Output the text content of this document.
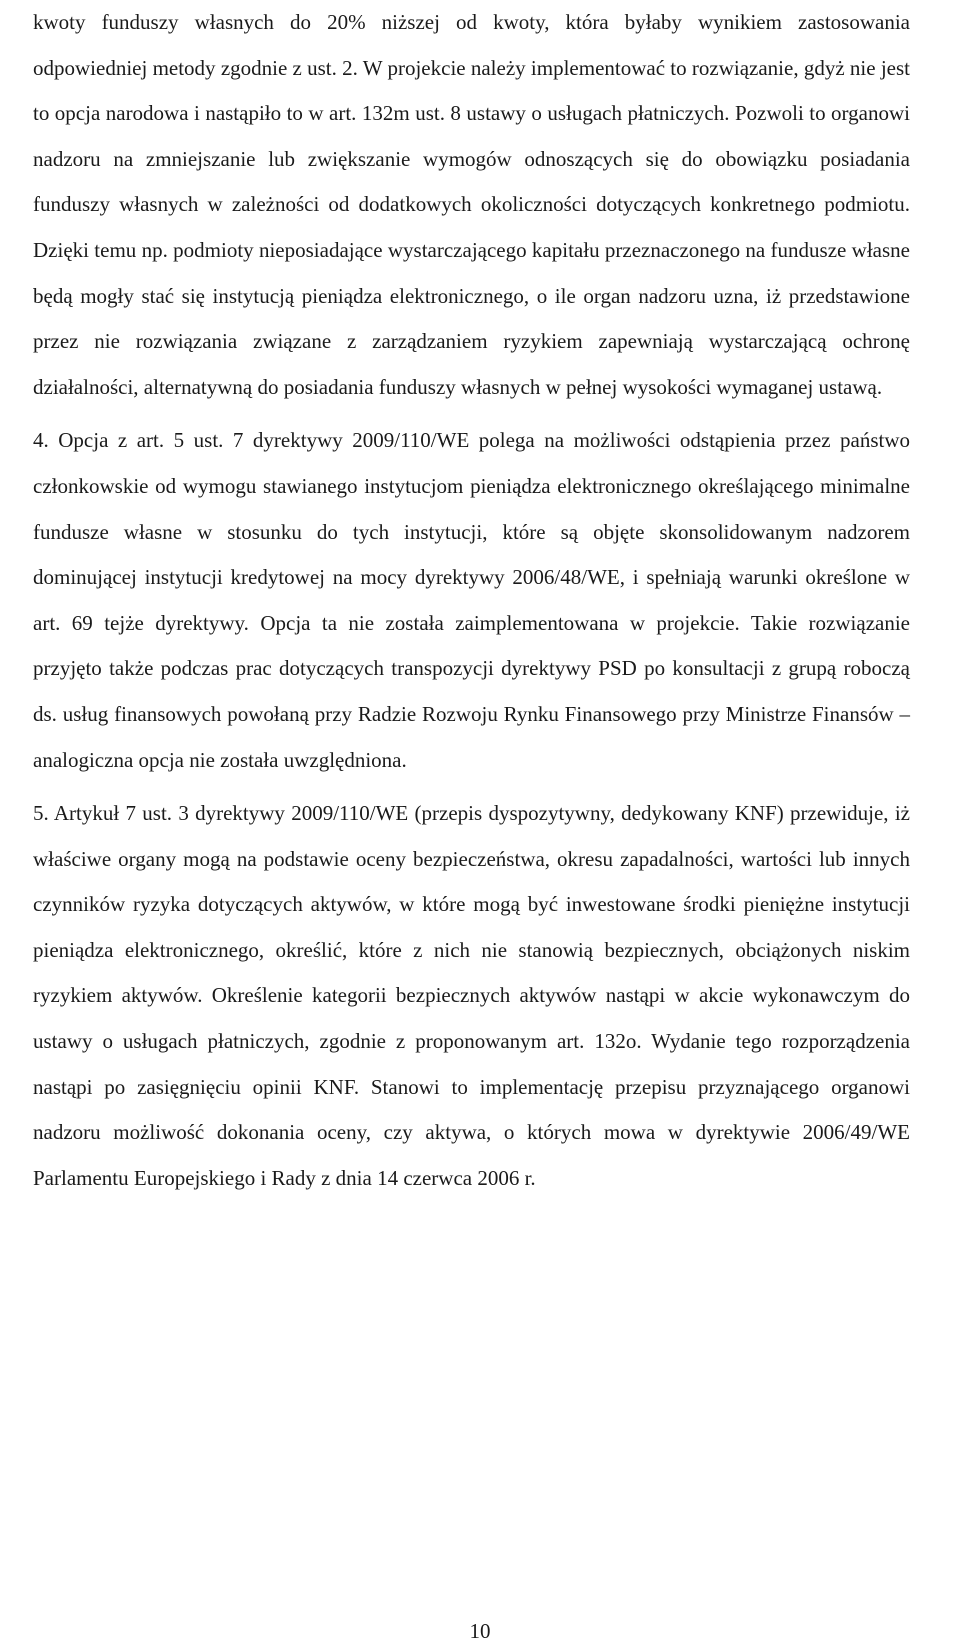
kwoty funduszy własnych do 20% niższej od kwoty, która byłaby wynikiem zastosowania odpowiedniej metody zgodnie z ust. 2. W projekcie należy implementować to rozwiązanie, gdyż nie jest to opcja narodowa i nastąpiło to w art. 132m ust. 8 ustawy o usługach płatniczych. Pozwoli to organowi nadzoru na zmniejszanie lub zwiększanie wymogów odnoszących się do obowiązku posiadania funduszy własnych w zależności od dodatkowych okoliczności dotyczących konkretnego podmiotu. Dzięki temu np. podmioty nieposiadające wystarczającego kapitału przeznaczonego na fundusze własne będą mogły stać się instytucją pieniądza elektronicznego, o ile organ nadzoru uzna, iż przedstawione przez nie rozwiązania związane z zarządzaniem ryzykiem zapewniają wystarczającą ochronę działalności, alternatywną do posiadania funduszy własnych w pełnej wysokości wymaganej ustawą.

4. Opcja z art. 5 ust. 7 dyrektywy 2009/110/WE polega na możliwości odstąpienia przez państwo członkowskie od wymogu stawianego instytucjom pieniądza elektronicznego określającego minimalne fundusze własne w stosunku do tych instytucji, które są objęte skonsolidowanym nadzorem dominującej instytucji kredytowej na mocy dyrektywy 2006/48/WE, i spełniają warunki określone w art. 69 tejże dyrektywy. Opcja ta nie została zaimplementowana w projekcie. Takie rozwiązanie przyjęto także podczas prac dotyczących transpozycji dyrektywy PSD po konsultacji z grupą roboczą ds. usług finansowych powołaną przy Radzie Rozwoju Rynku Finansowego przy Ministrze Finansów – analogiczna opcja nie została uwzględniona.

5. Artykuł 7 ust. 3 dyrektywy 2009/110/WE (przepis dyspozytywny, dedykowany KNF) przewiduje, iż właściwe organy mogą na podstawie oceny bezpieczeństwa, okresu zapadalności, wartości lub innych czynników ryzyka dotyczących aktywów, w które mogą być inwestowane środki pieniężne instytucji pieniądza elektronicznego, określić, które z nich nie stanowią bezpiecznych, obciążonych niskim ryzykiem aktywów. Określenie kategorii bezpiecznych aktywów nastąpi w akcie wykonawczym do ustawy o usługach płatniczych, zgodnie z proponowanym art. 132o. Wydanie tego rozporządzenia nastąpi po zasięgnięciu opinii KNF. Stanowi to implementację przepisu przyznającego organowi nadzoru możliwość dokonania oceny, czy aktywa, o których mowa w dyrektywie 2006/49/WE Parlamentu Europejskiego i Rady z dnia 14 czerwca 2006 r.

10
